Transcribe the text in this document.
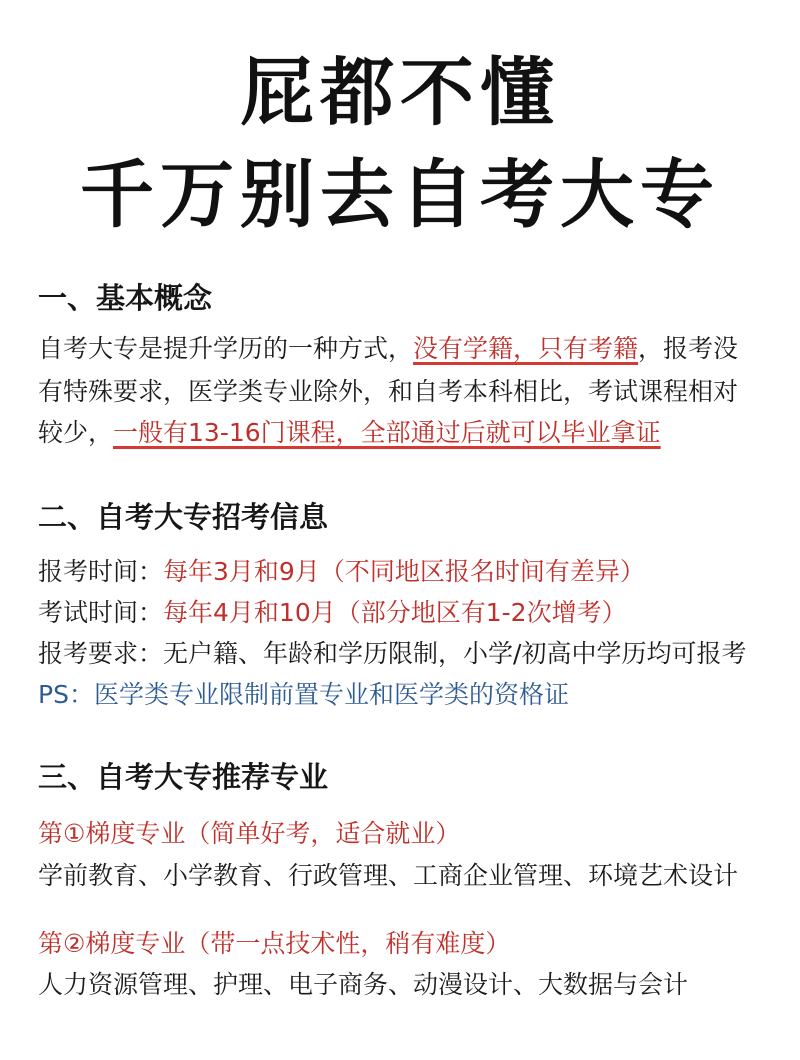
屁都不懂
千万别去自考大专
一、基本概念
自考大专是提升学历的一种方式，没有学籍，只有考籍，报考没
有特殊要求，医学类专业除外，和自考本科相比，考试课程相对
较少，一般有13-16门课程，全部通过后就可以毕业拿证
二、自考大专招考信息
报考时间：每年3月和9月（不同地区报名时间有差异）
考试时间：每年4月和10月（部分地区有1-2次增考）
报考要求：无户籍、年龄和学历限制，小学/初高中学历均可报考
PS：医学类专业限制前置专业和医学类的资格证
三、自考大专推荐专业
第①梯度专业（简单好考，适合就业）
学前教育、小学教育、行政管理、工商企业管理、环境艺术设计
第②梯度专业（带一点技术性，稍有难度）
人力资源管理、护理、电子商务、动漫设计、大数据与会计
